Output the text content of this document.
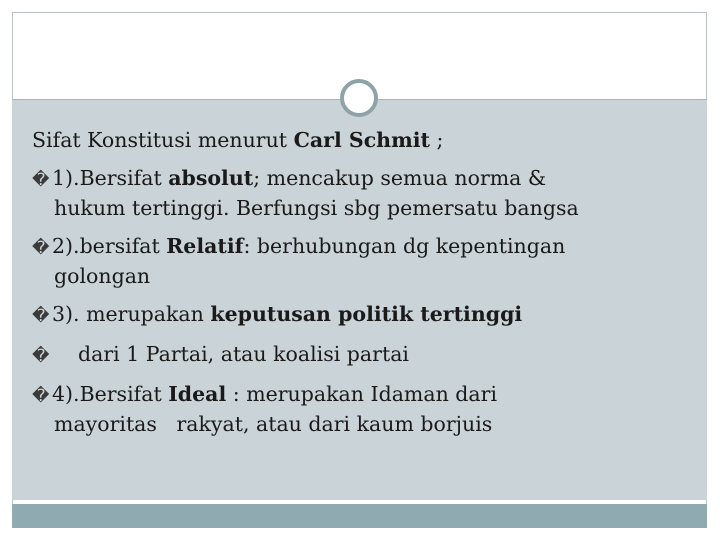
Sifat Konstitusi menurut Carl Schmit ;
� 1).Bersifat absolut; mencakup semua norma &
hukum tertinggi. Berfungsi sbg pemersatu bangsa
� 2).bersifat Relatif: berhubungan dg kepentingan
golongan
� 3). merupakan keputusan politik tertinggi
� dari 1 Partai, atau koalisi partai
� 4).Bersifat Ideal : merupakan Idaman dari
mayoritas   rakyat, atau dari kaum borjuis
